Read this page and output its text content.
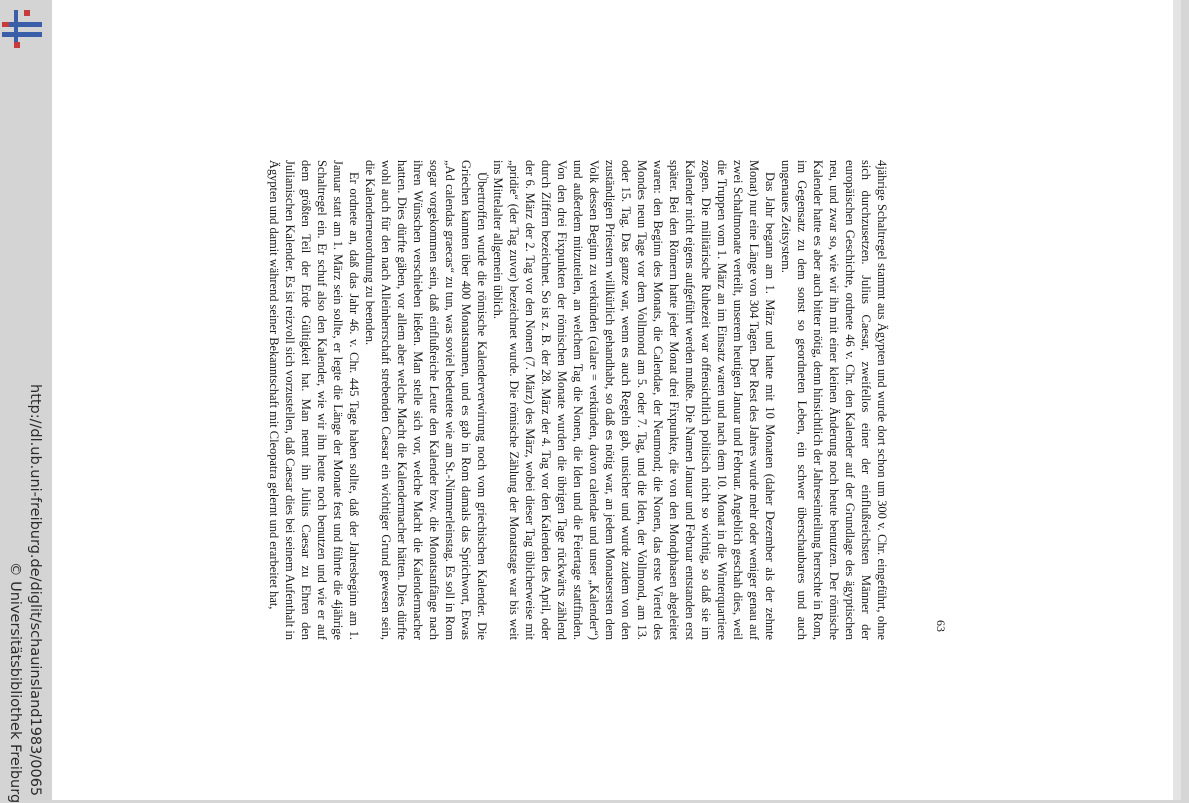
http://dl.ub.uni-freiburg.de/diglit/schauinsland1983/0065
© Universitätsbibliothek Freiburg

4jährige Schaltregel stammt aus Ägypten und wurde dort schon um 300 v. Chr. eingeführt, ohne sich durchzusetzen. Julius Caesar, zweifellos einer der einflußreichsten Männer der europäischen Geschichte, ordnete 46 v. Chr. den Kalender auf der Grundlage des ägyptischen neu, und zwar so, wie wir ihn mit einer kleinen Änderung noch heute benutzen. Der römische Kalender hatte es aber auch bitter nötig, denn hinsichtlich der Jahreseinteilung herrschte in Rom, im Gegensatz zu dem sonst so geordneten Leben, ein schwer überschaubares und auch ungenaues Zeitsystem.

Das Jahr begann am 1. März und hatte mit 10 Monaten (daher Dezember als der zehnte Monat) nur eine Länge von 304 Tagen. Der Rest des Jahres wurde mehr oder weniger genau auf zwei Schaltmonate verteilt, unserem heutigen Januar und Februar. Angeblich geschah dies, weil die Truppen vom 1. März an im Einsatz waren und nach dem 10. Monat in die Winterquartiere zogen. Die militärische Ruhezeit war offensichtlich politisch nicht so wichtig, so daß sie im Kalender nicht eigens aufgeführt werden mußte. Die Namen Januar und Februar entstanden erst später. Bei den Römern hatte jeder Monat drei Fixpunkte, die von den Mondphasen abgeleitet waren: den Beginn des Monats, die Calendae, der Neumond; die Nonen, das erste Viertel des Mondes neun Tage vor dem Vollmond am 5. oder 7. Tag, und die Iden, der Vollmond, am 13. oder 15. Tag. Das ganze war, wenn es auch Regeln gab, unsicher und wurde zudem von den zuständigen Priestern willkürlich gehandhabt, so daß es nötig war, an jedem Monatsersten dem Volk dessen Beginn zu verkünden (calare = verkünden, davon calendae und unser „Kalender“) und außerdem mitzuteilen, an welchem Tag die Nonen, die Iden und die Feiertage stattfinden. Von den drei Fixpunkten der römischen Monate wurden die übrigen Tage rückwärts zählend durch Ziffern bezeichnet. So ist z. B. der 28. März der 4. Tag vor den Kalenden des April, oder der 6. März der 2. Tag vor den Nonen (7. März) des März, wobei dieser Tag üblicherweise mit „pridie“ (der Tag zuvor) bezeichnet wurde. Die römische Zählung der Monatstage war bis weit ins Mittelalter allgemein üblich.

Übertroffen wurde die römische Kalenderverwirrung noch vom griechischen Kalender. Die Griechen kannten über 400 Monatsnamen, und es gab in Rom damals das Sprichwort, Etwas „Ad calendas graecas“ zu tun, was soviel bedeutete wie am St.-Nimmerleinstag. Es soll in Rom sogar vorgekommen sein, daß einflußreiche Leute den Kalender bzw. die Monatsanfänge nach ihren Wünschen verschieben ließen. Man stelle sich vor, welche Macht die Kalendermacher hatten. Dies dürfte gäben, vor allem aber welche Macht die Kalendermacher hätten. Dies dürfte wohl auch für den nach Alleinherrschaft strebenden Caesar ein wichtiger Grund gewesen sein, die Kalenderneuordnung zu beenden.

Er ordnete an, daß das Jahr 46. v. Chr. 445 Tage haben sollte, daß der Jahresbeginn am 1. Januar statt am 1. März sein sollte, er legte die Länge der Monate fest und führte die 4jährige Schaltregel ein. Er schuf also den Kalender, wie wir ihn heute noch benutzen und wie er auf dem größten Teil der Erde Gültigkeit hat. Man nennt ihn Julius Caesar zu Ehren den Julianischen Kalender. Es ist reizvoll sich vorzustellen, daß Caesar dies bei seinem Aufenthalt in Ägypten und damit während seiner Bekanntschaft mit Cleopatra gelernt und erarbeitet hat,

63
